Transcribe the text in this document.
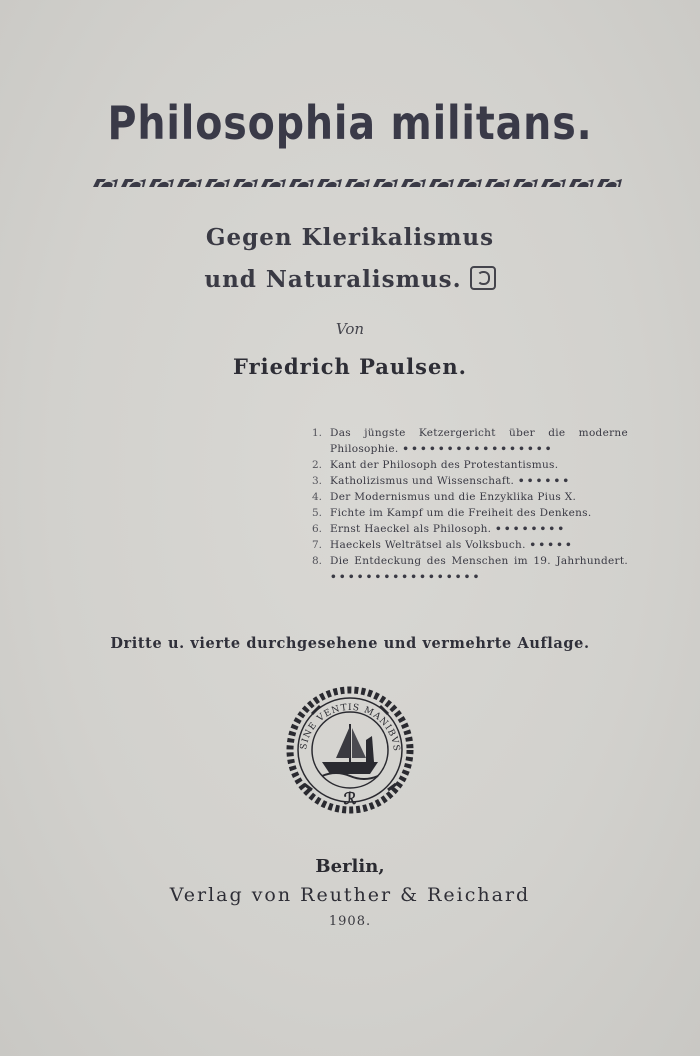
Philosophia militans.
Gegen Klerikalismus
und Naturalismus.
Von
Friedrich Paulsen.
1. Das jüngste Ketzergericht über die moderne Philosophie. •••••••••••••••••
2. Kant der Philosoph des Protestantismus.
3. Katholizismus und Wissenschaft. ••••••
4. Der Modernismus und die Enzyklika Pius X.
5. Fichte im Kampf um die Freiheit des Denkens.
6. Ernst Haeckel als Philosoph. ••••••••
7. Haeckels Welträtsel als Volksbuch. •••••
8. Die Entdeckung des Menschen im 19. Jahrhundert. •••••••••••••••••
Dritte u. vierte durchgesehene und vermehrte Auflage.
SINE VENTIS MANIBVS
ℛ
Berlin,
Verlag von Reuther & Reichard
1908.
